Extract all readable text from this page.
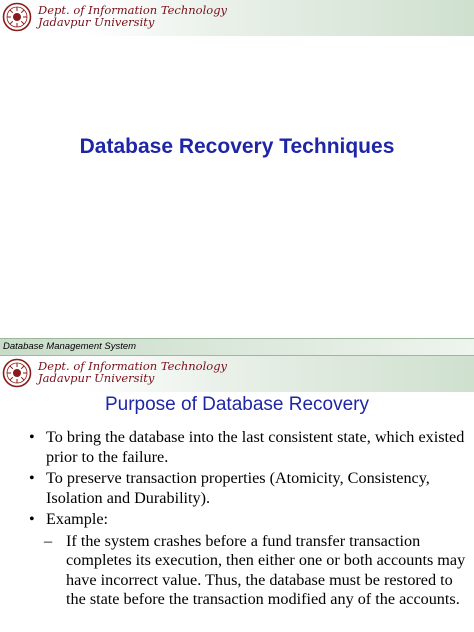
Dept. of Information Technology
Jadavpur University
Database Recovery Techniques
Database Management System
Dept. of Information Technology
Jadavpur University
Purpose of Database Recovery
• To bring the database into the last consistent state, which existed prior to the failure.
• To preserve transaction properties (Atomicity, Consistency, Isolation and Durability).
• Example:
– If the system crashes before a fund transfer transaction completes its execution, then either one or both accounts may have incorrect value. Thus, the database must be restored to the state before the transaction modified any of the accounts.
